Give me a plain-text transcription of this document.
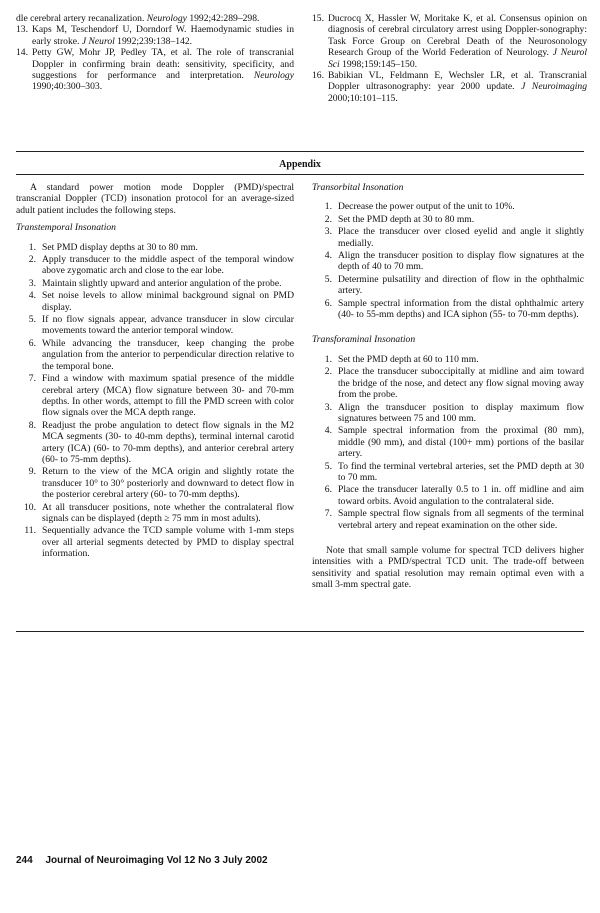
dle cerebral artery recanalization. Neurology 1992;42:289–298.
13. Kaps M, Teschendorf U, Dorndorf W. Haemodynamic studies in early stroke. J Neurol 1992;239:138–142.
14. Petty GW, Mohr JP, Pedley TA, et al. The role of transcranial Doppler in confirming brain death: sensitivity, specificity, and suggestions for performance and interpretation. Neurology 1990;40:300–303.
15. Ducrocq X, Hassler W, Moritake K, et al. Consensus opinion on diagnosis of cerebral circulatory arrest using Doppler-sonography: Task Force Group on Cerebral Death of the Neurosonology Research Group of the World Federation of Neurology. J Neurol Sci 1998;159:145–150.
16. Babikian VL, Feldmann E, Wechsler LR, et al. Transcranial Doppler ultrasonography: year 2000 update. J Neuroimaging 2000;10:101–115.
Appendix

A standard power motion mode Doppler (PMD)/spectral transcranial Doppler (TCD) insonation protocol for an average-sized adult patient includes the following steps.

Transtemporal Insonation

1. Set PMD display depths at 30 to 80 mm.
2. Apply transducer to the middle aspect of the temporal window above zygomatic arch and close to the ear lobe.
3. Maintain slightly upward and anterior angulation of the probe.
4. Set noise levels to allow minimal background signal on PMD display.
5. If no flow signals appear, advance transducer in slow circular movements toward the anterior temporal window.
6. While advancing the transducer, keep changing the probe angulation from the anterior to perpendicular direction relative to the temporal bone.
7. Find a window with maximum spatial presence of the middle cerebral artery (MCA) flow signature between 30- and 70-mm depths. In other words, attempt to fill the PMD screen with color flow signals over the MCA depth range.
8. Readjust the probe angulation to detect flow signals in the M2 MCA segments (30- to 40-mm depths), terminal internal carotid artery (ICA) (60- to 70-mm depths), and anterior cerebral artery (60- to 75-mm depths).
9. Return to the view of the MCA origin and slightly rotate the transducer 10° to 30° posteriorly and downward to detect flow in the posterior cerebral artery (60- to 70-mm depths).
10. At all transducer positions, note whether the contralateral flow signals can be displayed (depth ≥ 75 mm in most adults).
11. Sequentially advance the TCD sample volume with 1-mm steps over all arterial segments detected by PMD to display spectral information.

Transorbital Insonation

1. Decrease the power output of the unit to 10%.
2. Set the PMD depth at 30 to 80 mm.
3. Place the transducer over closed eyelid and angle it slightly medially.
4. Align the transducer position to display flow signatures at the depth of 40 to 70 mm.
5. Determine pulsatility and direction of flow in the ophthalmic artery.
6. Sample spectral information from the distal ophthalmic artery (40- to 55-mm depths) and ICA siphon (55- to 70-mm depths).

Transforaminal Insonation

1. Set the PMD depth at 60 to 110 mm.
2. Place the transducer suboccipitally at midline and aim toward the bridge of the nose, and detect any flow signal moving away from the probe.
3. Align the transducer position to display maximum flow signatures between 75 and 100 mm.
4. Sample spectral information from the proximal (80 mm), middle (90 mm), and distal (100+ mm) portions of the basilar artery.
5. To find the terminal vertebral arteries, set the PMD depth at 30 to 70 mm.
6. Place the transducer laterally 0.5 to 1 in. off midline and aim toward orbits. Avoid angulation to the contralateral side.
7. Sample spectral flow signals from all segments of the terminal vertebral artery and repeat examination on the other side.

Note that small sample volume for spectral TCD delivers higher intensities with a PMD/spectral TCD unit. The trade-off between sensitivity and spatial resolution may remain optimal even with a small 3-mm spectral gate.

244 Journal of Neuroimaging Vol 12 No 3 July 2002
